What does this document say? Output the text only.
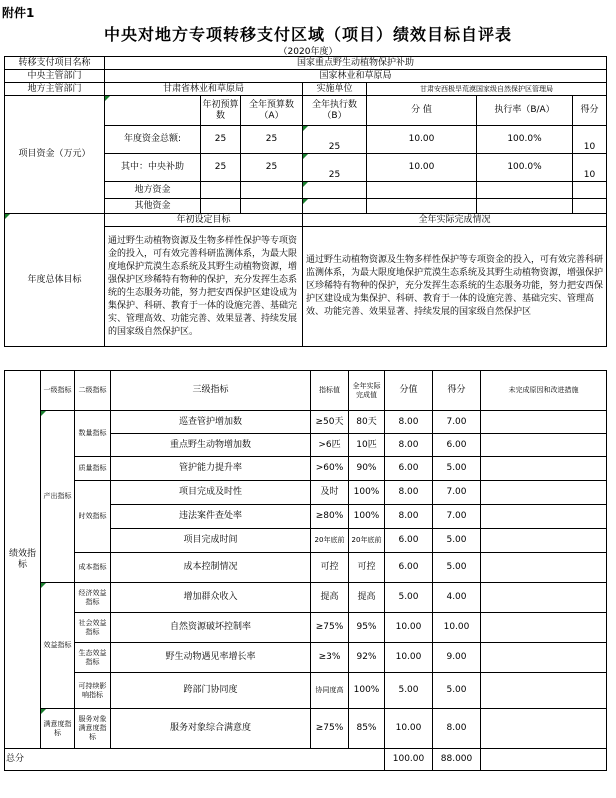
附件1
中央对地方专项转移支付区域（项目）绩效目标自评表
（2020年度）
转移支付项目名称	国家重点野生动植物保护补助						
中央主管部门	国家林业和草原局						
地方主管部门	甘肃省林业和草原局			实施单位	甘肃安西极旱荒漠国家级自然保护区管理局		
项目资金（万元）		年初预算数	全年预算数（A）	全年执行数（B）	分 值	执行率（B/A）	得分
	年度资金总额:	25	25	25	10.00	100.0%	10
	其中：中央补助	25	25	25	10.00	100.0%	10
	地方资金						
	其他资金						
年度总体目标	年初设定目标			全年实际完成情况			
	通过野生动植物资源及生物多样性保护等专项资金的投入，可有效完善科研监测体系，为最大限度地保护荒漠生态系统及其野生动植物资源，增强保护区珍稀特有物种的保护，充分发挥生态系统的生态服务功能，努力把安西保护区建设成为集保护、科研、教育于一体的设施完善、基础完实、管理高效、功能完善、效果显著、持续发展的国家级自然保护区。			通过野生动植物资源及生物多样性保护等专项资金的投入，可有效完善科研监测体系，为最大限度地保护荒漠生态系统及其野生动植物资源，增强保护区珍稀特有物种的保护，充分发挥生态系统的生态服务功能，努力把安西保护区建设成为集保护、科研、教育于一体的设施完善、基础完实、管理高效、功能完善、效果显著、持续发展的国家级自然保护区			
绩效指标	一级指标	二级指标	三级指标	指标值	全年实际完成值	分值	得分	未完成原因和改进措施
	产出指标	数量指标	巡查管护增加数	≥50天	80天	8.00	7.00	
			重点野生动物增加数	>6匹	10匹	8.00	6.00	
		质量指标	管护能力提升率	>60%	90%	6.00	5.00	
		时效指标	项目完成及时性	及时	100%	8.00	7.00	
			违法案件查处率	≥80%	100%	8.00	7.00	
			项目完成时间	20年底前	20年底前	6.00	5.00	
		成本指标	成本控制情况	可控	可控	6.00	5.00	
	效益指标	经济效益指标	增加群众收入	提高	提高	5.00	4.00	
		社会效益指标	自然资源破坏控制率	≥75%	95%	10.00	10.00	
		生态效益指标	野生动物遇见率增长率	≥3%	92%	10.00	9.00	
		可持续影响指标	跨部门协同度	协同度高	100%	5.00	5.00	
	满意度指标	服务对象满意度指标	服务对象综合满意度	≥75%	85%	10.00	8.00	
总分						100.00	88.000	
